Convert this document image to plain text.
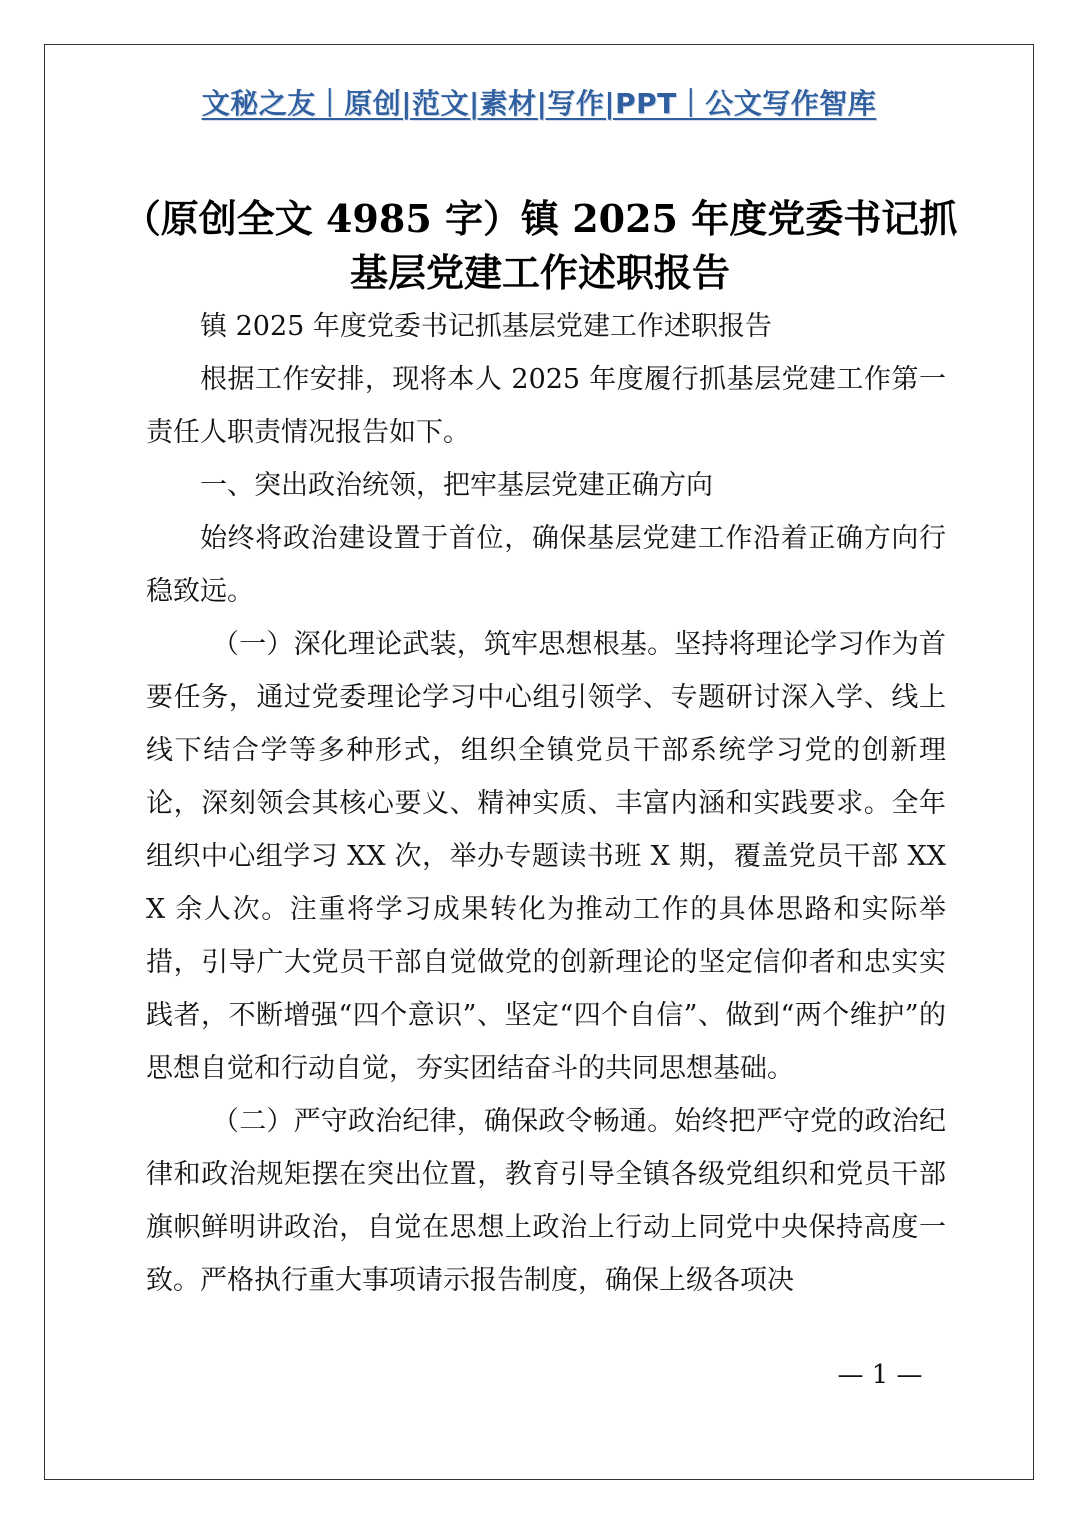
文秘之友｜原创|范文|素材|写作|PPT｜公文写作智库
（原创全文 4985 字）镇 2025 年度党委书记抓
基层党建工作述职报告

镇 2025 年度党委书记抓基层党建工作述职报告

根据工作安排，现将本人 2025 年度履行抓基层党建工作第一责任人职责情况报告如下。

一、突出政治统领，把牢基层党建正确方向

始终将政治建设置于首位，确保基层党建工作沿着正确方向行稳致远。

（一）深化理论武装，筑牢思想根基。坚持将理论学习作为首要任务，通过党委理论学习中心组引领学、专题研讨深入学、线上线下结合学等多种形式，组织全镇党员干部系统学习党的创新理论，深刻领会其核心要义、精神实质、丰富内涵和实践要求。全年组织中心组学习 XX 次，举办专题读书班 X 期，覆盖党员干部 XXX 余人次。注重将学习成果转化为推动工作的具体思路和实际举措，引导广大党员干部自觉做党的创新理论的坚定信仰者和忠实实践者，不断增强“四个意识”、坚定“四个自信”、做到“两个维护”的思想自觉和行动自觉，夯实团结奋斗的共同思想基础。

（二）严守政治纪律，确保政令畅通。始终把严守党的政治纪律和政治规矩摆在突出位置，教育引导全镇各级党组织和党员干部旗帜鲜明讲政治，自觉在思想上政治上行动上同党中央保持高度一致。严格执行重大事项请示报告制度，确保上级各项决

— 1 —
